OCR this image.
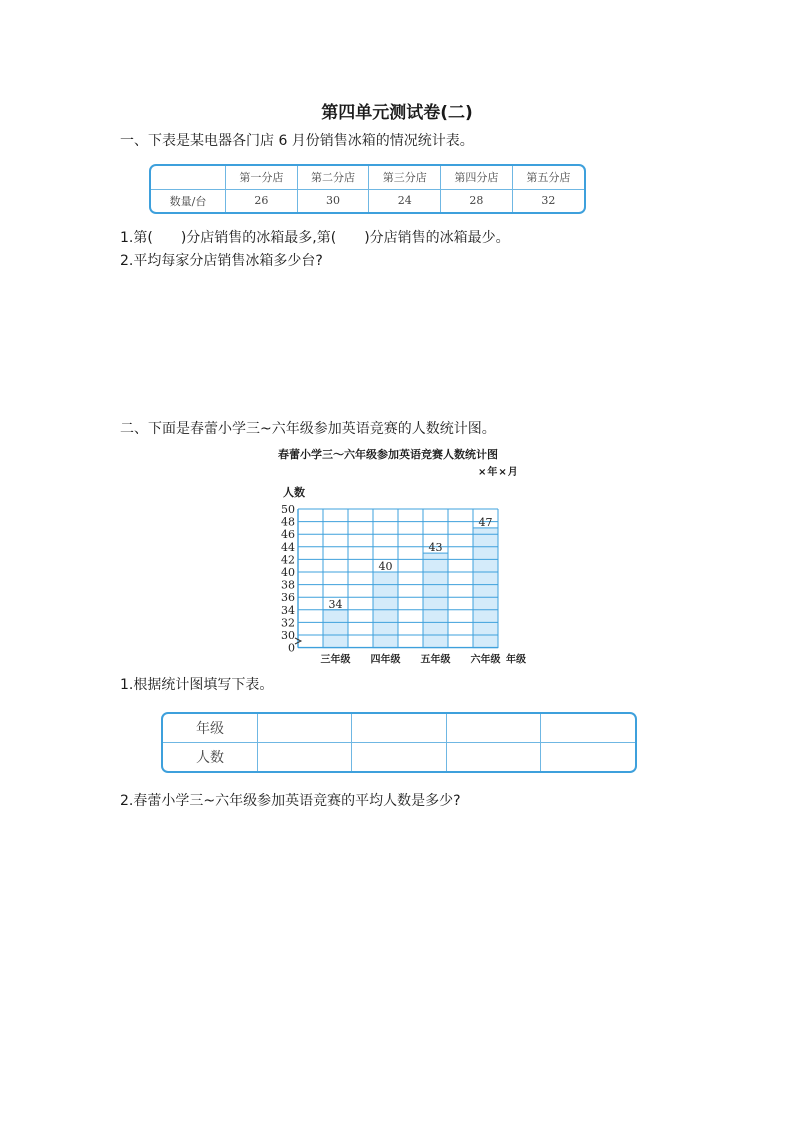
第四单元测试卷(二)
一、下表是某电器各门店 6 月份销售冰箱的情况统计表。
	第一分店	第二分店	第三分店	第四分店	第五分店
数量/台	26	30	24	28	32
1.第(　　)分店销售的冰箱最多,第(　　)分店销售的冰箱最少。
2.平均每家分店销售冰箱多少台?
二、下面是春蕾小学三~六年级参加英语竞赛的人数统计图。
春蕾小学三～六年级参加英语竞赛人数统计图
×年×月
人数
50
48
46
44
42
40
38
36
34
32
30
0
34
40
43
47
三年级 四年级 五年级 六年级 年级
1.根据统计图填写下表。
年级				
人数				
2.春蕾小学三~六年级参加英语竞赛的平均人数是多少?
